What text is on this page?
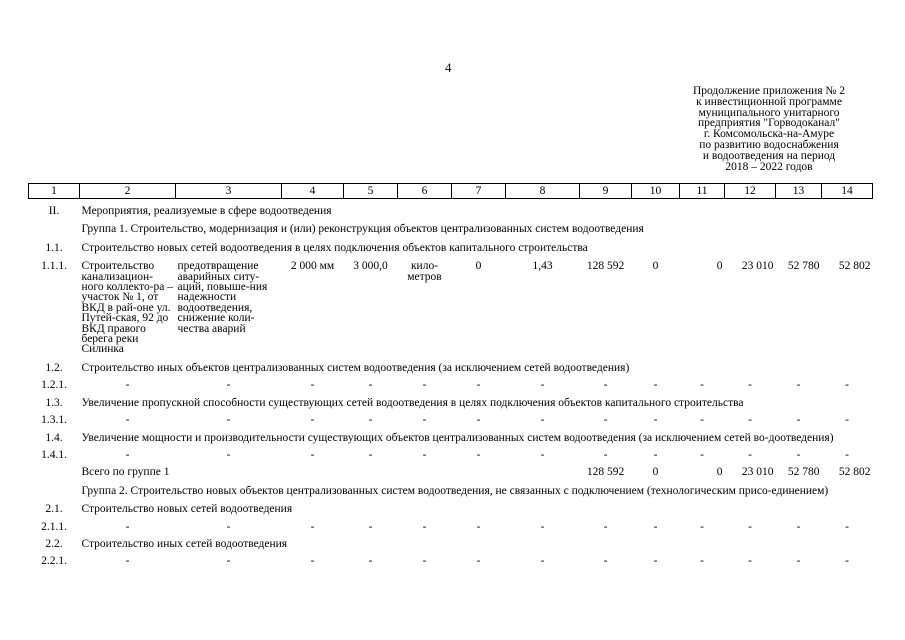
4
Продолжение приложения № 2
к инвестиционной программе
муниципального унитарного
предприятия "Горводоканал"
г. Комсомольска-на-Амуре
по развитию водоснабжения
и водоотведения на период
2018 – 2022 годов
1	2	3	4	5	6	7	8	9	10	11	12	13	14
II.	Мероприятия, реализуемые в сфере водоотведения												
	Группа 1. Строительство, модернизация и (или) реконструкция объектов централизованных систем водоотведения												
1.1.	Строительство новых сетей водоотведения в целях подключения объектов капитального строительства												
1.1.1.	Строительство канализацион-ного коллекто-ра – участок № 1, от ВКД в рай-оне ул. Путей-ская, 92 до ВКД правого берега реки Силинка	предотвращение аварийных ситу-аций, повыше-ния надежности водоотведения, снижение коли-чества аварий	2 000 мм	3 000,0	кило-метров	0	1,43	128 592	0	0	23 010	52 780	52 802
1.2.	Строительство иных объектов централизованных систем водоотведения (за исключением сетей водоотведения)												
1.2.1.	-	-	-	-	-	-	-	-	-	-	-	-	-
1.3.	Увеличение пропускной способности существующих сетей водоотведения в целях подключения объектов капитального строительства												
1.3.1.	-	-	-	-	-	-	-	-	-	-	-	-	-
1.4.	Увеличение мощности и производительности существующих объектов централизованных систем водоотведения (за исключением сетей во-доотведения)												
1.4.1.	-	-	-	-	-	-	-	-	-	-	-	-	-
	Всего по группе 1							128 592	0	0	23 010	52 780	52 802
	Группа 2. Строительство новых объектов централизованных систем водоотведения, не связанных с подключением (технологическим присо-единением)												
2.1.	Строительство новых сетей водоотведения												
2.1.1.	-	-	-	-	-	-	-	-	-	-	-	-	-
2.2.	Строительство иных сетей водоотведения												
2.2.1.	-	-	-	-	-	-	-	-	-	-	-	-	-
